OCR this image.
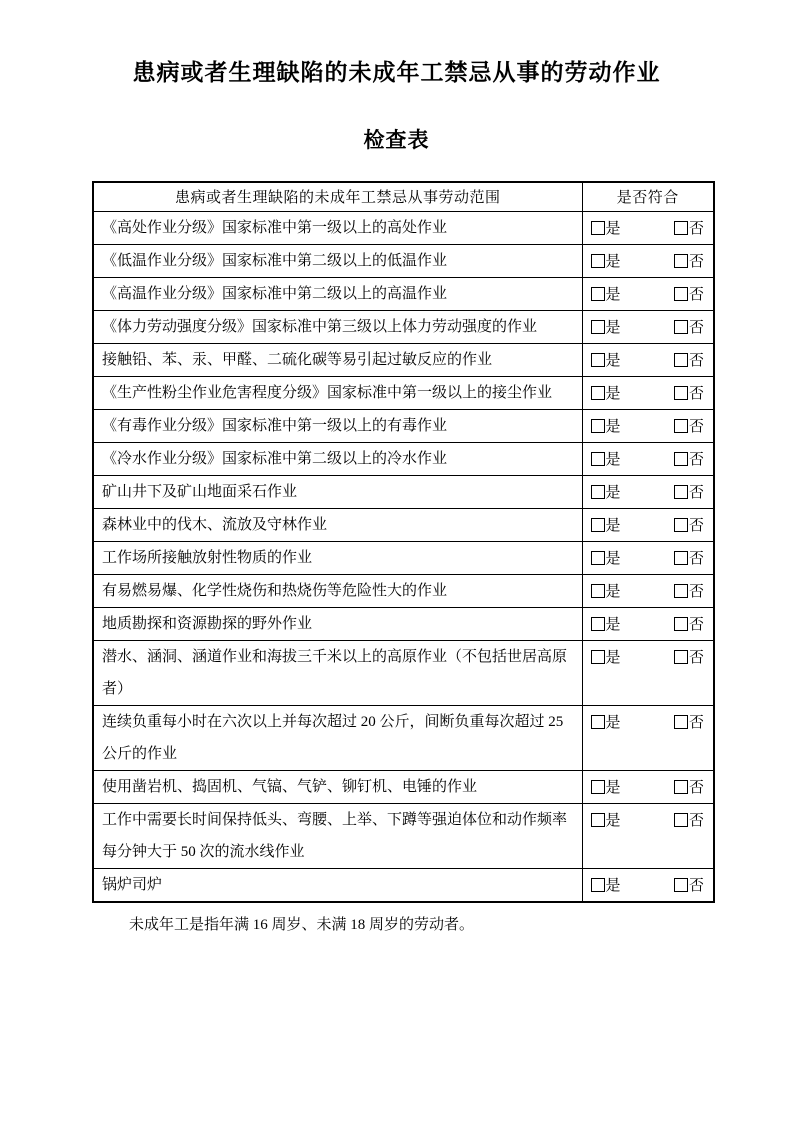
患病或者生理缺陷的未成年工禁忌从事的劳动作业
检查表
患病或者生理缺陷的未成年工禁忌从事劳动范围	是否符合
《高处作业分级》国家标准中第一级以上的高处作业	是 否

《低温作业分级》国家标准中第二级以上的低温作业	是 否

《高温作业分级》国家标准中第二级以上的高温作业	是 否

《体力劳动强度分级》国家标准中第三级以上体力劳动强度的作业	是 否

接触铅、苯、汞、甲醛、二硫化碳等易引起过敏反应的作业	是 否

《生产性粉尘作业危害程度分级》国家标准中第一级以上的接尘作业	是 否

《有毒作业分级》国家标准中第一级以上的有毒作业	是 否

《冷水作业分级》国家标准中第二级以上的冷水作业	是 否

矿山井下及矿山地面采石作业	是 否

森林业中的伐木、流放及守林作业	是 否

工作场所接触放射性物质的作业	是 否

有易燃易爆、化学性烧伤和热烧伤等危险性大的作业	是 否

地质勘探和资源勘探的野外作业	是 否

潜水、涵洞、涵道作业和海拔三千米以上的高原作业（不包括世居高原者）	是 否

连续负重每小时在六次以上并每次超过 20 公斤，间断负重每次超过 25 公斤的作业	是 否

使用凿岩机、捣固机、气镐、气铲、铆钉机、电锤的作业	是 否

工作中需要长时间保持低头、弯腰、上举、下蹲等强迫体位和动作频率每分钟大于 50 次的流水线作业	是 否

锅炉司炉	是 否

未成年工是指年满 16 周岁、未满 18 周岁的劳动者。
